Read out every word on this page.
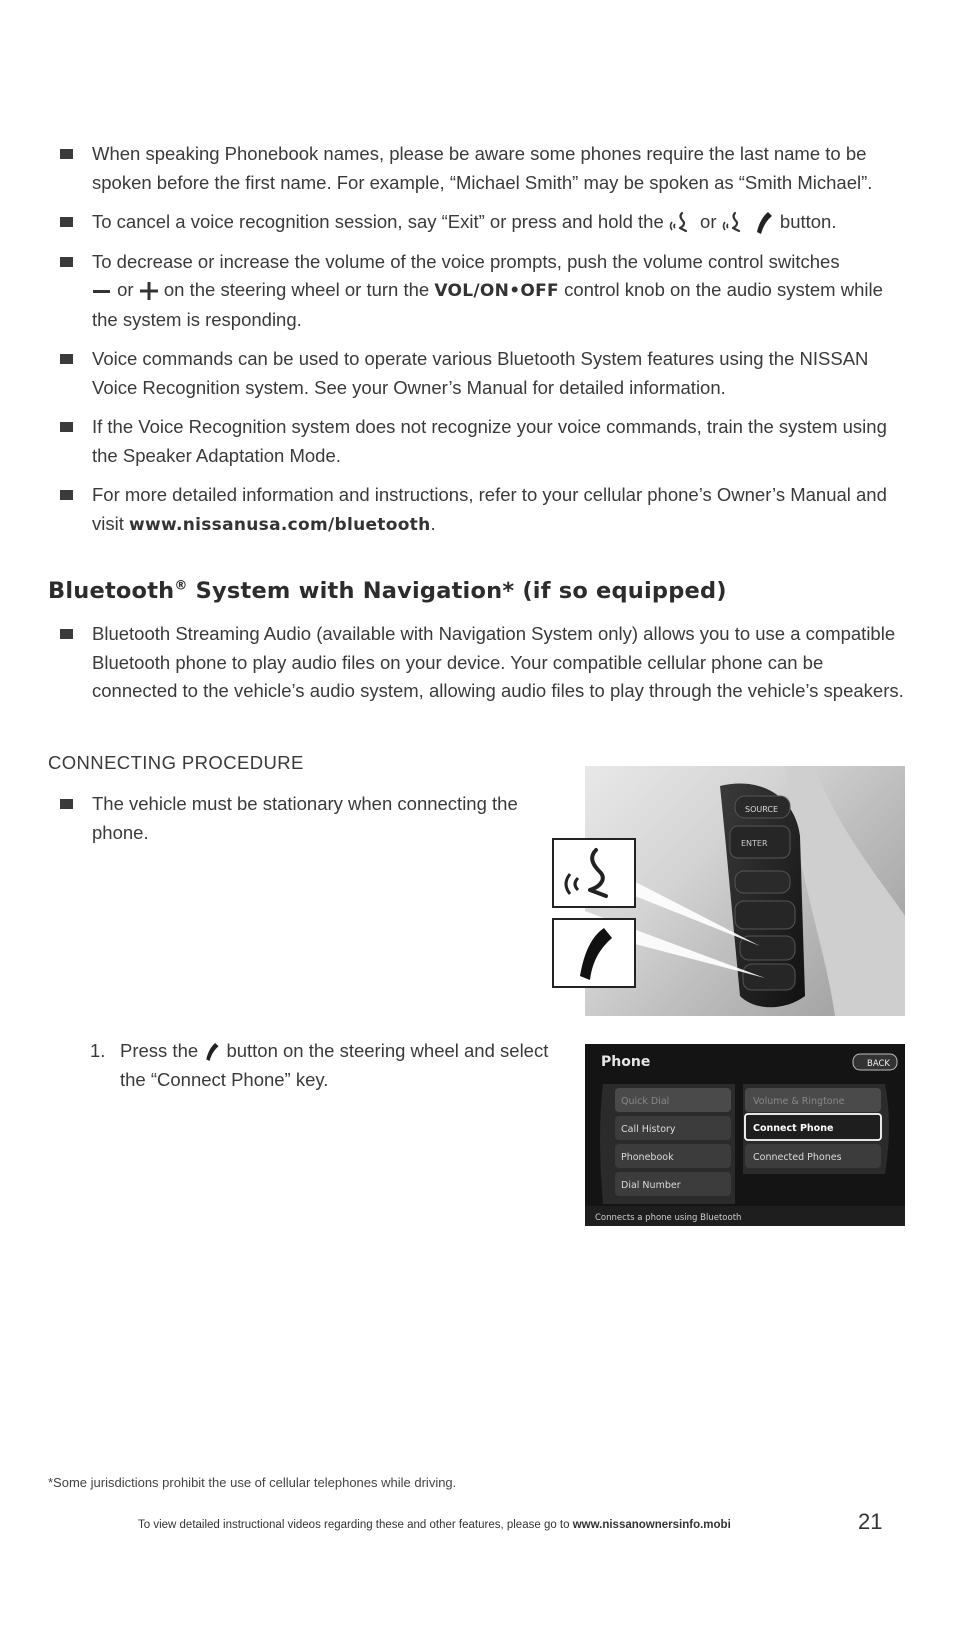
When speaking Phonebook names, please be aware some phones require the last name to be spoken before the first name. For example, “Michael Smith” may be spoken as “Smith Michael”.
To cancel a voice recognition session, say “Exit” or press and hold the or	button.
To decrease or increase the volume of the voice prompts, push the volume control switches
or on the steering wheel or turn the VOL/ON•OFF control knob on the audio system while the system is responding.
Voice commands can be used to operate various Bluetooth System features using the NISSAN Voice Recognition system. See your Owner’s Manual for detailed information.
If the Voice Recognition system does not recognize your voice commands, train the system using the Speaker Adaptation Mode.
For more detailed information and instructions, refer to your cellular phone’s Owner’s Manual and visit www.nissanusa.com/bluetooth.
Bluetooth® System with Navigation* (if so equipped)
Bluetooth Streaming Audio (available with Navigation System only) allows you to use a compatible Bluetooth phone to play audio files on your device. Your compatible cellular phone can be connected to the vehicle’s audio system, allowing audio files to play through the vehicle’s speakers.
CONNECTING PROCEDURE
The vehicle must be stationary when connecting the phone.
SOURCE
ENTER
1. Press the button on the steering wheel and select the “Connect Phone” key.
Phone	BACK
Quick Dial
Call History
Phonebook
Dial Number
Volume & Ringtone
Connect Phone
Connected Phones
Connects a phone using Bluetooth
*Some jurisdictions prohibit the use of cellular telephones while driving.
To view detailed instructional videos regarding these and other features, please go to www.nissanownersinfo.mobi	21
